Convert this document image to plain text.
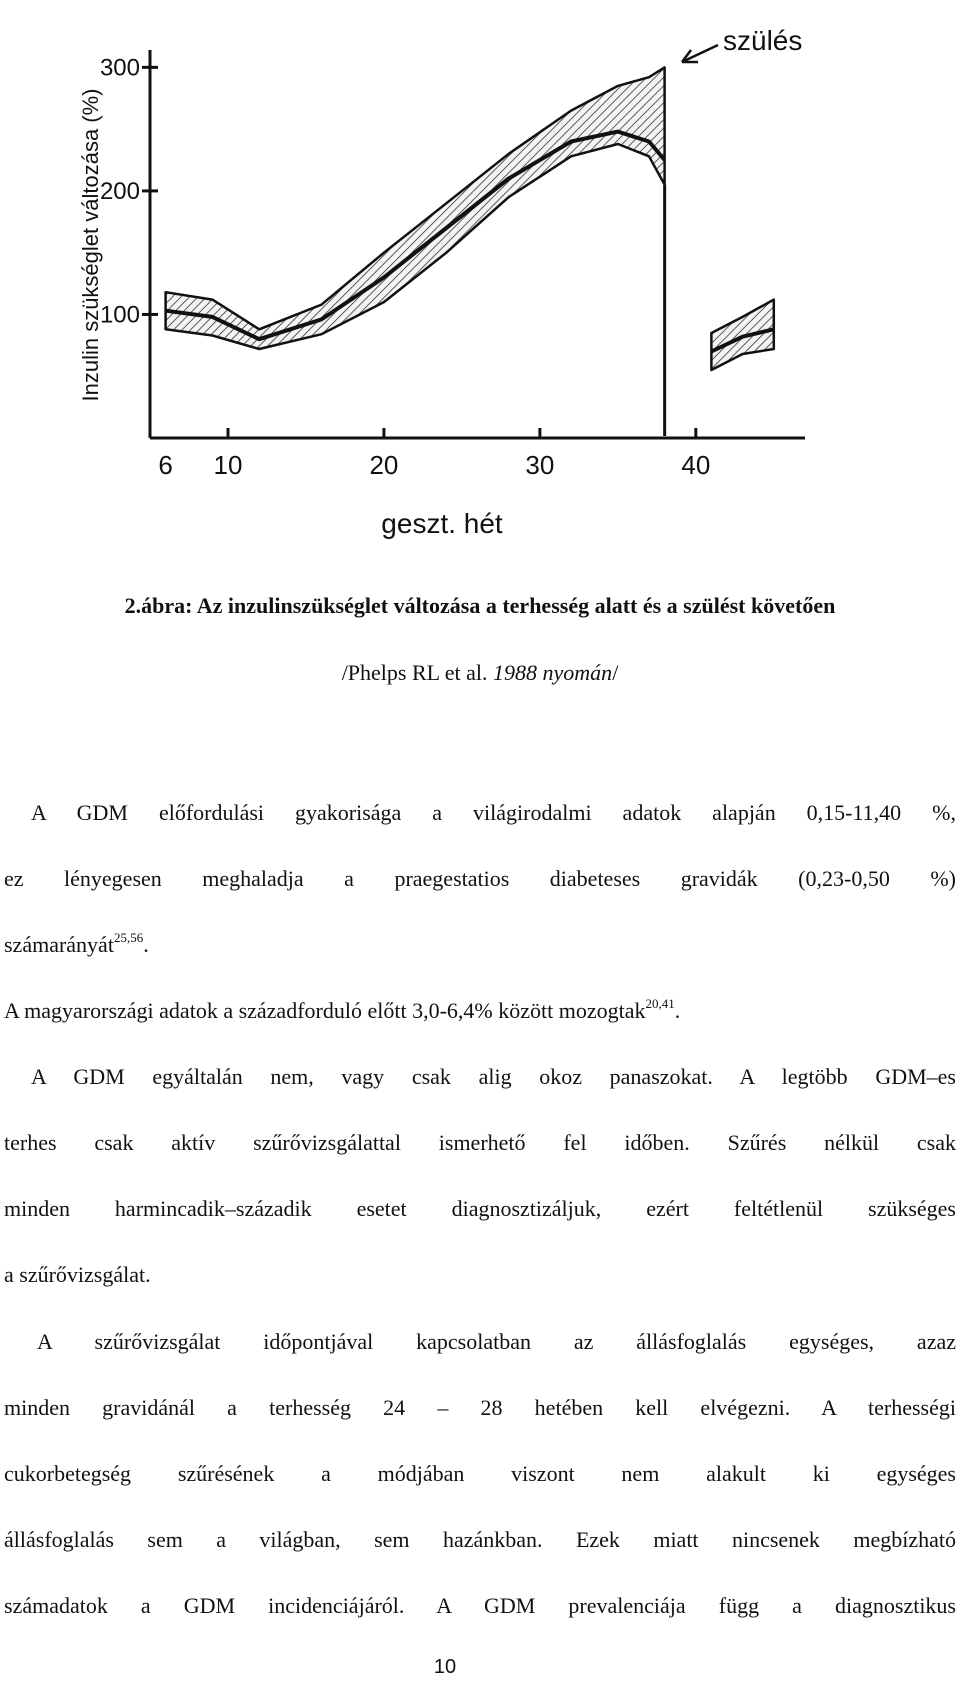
6 10	20	30	40
100
200
300
Inzulin szükséglet változása (%)
geszt. hét
szülés
2.ábra: Az inzulinszükséglet változása a terhesség alatt és a szülést követően
/Phelps RL et al. 1988 nyomán/
A GDM előfordulási gyakorisága a világirodalmi adatok alapján 0,15-11,40 %,
ez lényegesen meghaladja a praegestatios diabeteses gravidák (0,23-0,50 %)
számarányát$^{25,56}$.
A magyarországi adatok a századforduló előtt 3,0-6,4% között mozogtak$^{20,41}$.
A GDM egyáltalán nem, vagy csak alig okoz panaszokat. A legtöbb GDM–es
terhes csak aktív szűrővizsgálattal ismerhető fel időben. Szűrés nélkül csak
minden harmincadik–századik esetet diagnosztizáljuk, ezért feltétlenül szükséges
a szűrővizsgálat.
A szűrővizsgálat időpontjával kapcsolatban az állásfoglalás egységes, azaz
minden gravidánál a terhesség 24 – 28 hetében kell elvégezni. A terhességi
cukorbetegség szűrésének a módjában viszont nem alakult ki egységes
állásfoglalás sem a világban, sem hazánkban. Ezek miatt nincsenek megbízható
számadatok a GDM incidenciájáról. A GDM prevalenciája függ a diagnosztikus
10
